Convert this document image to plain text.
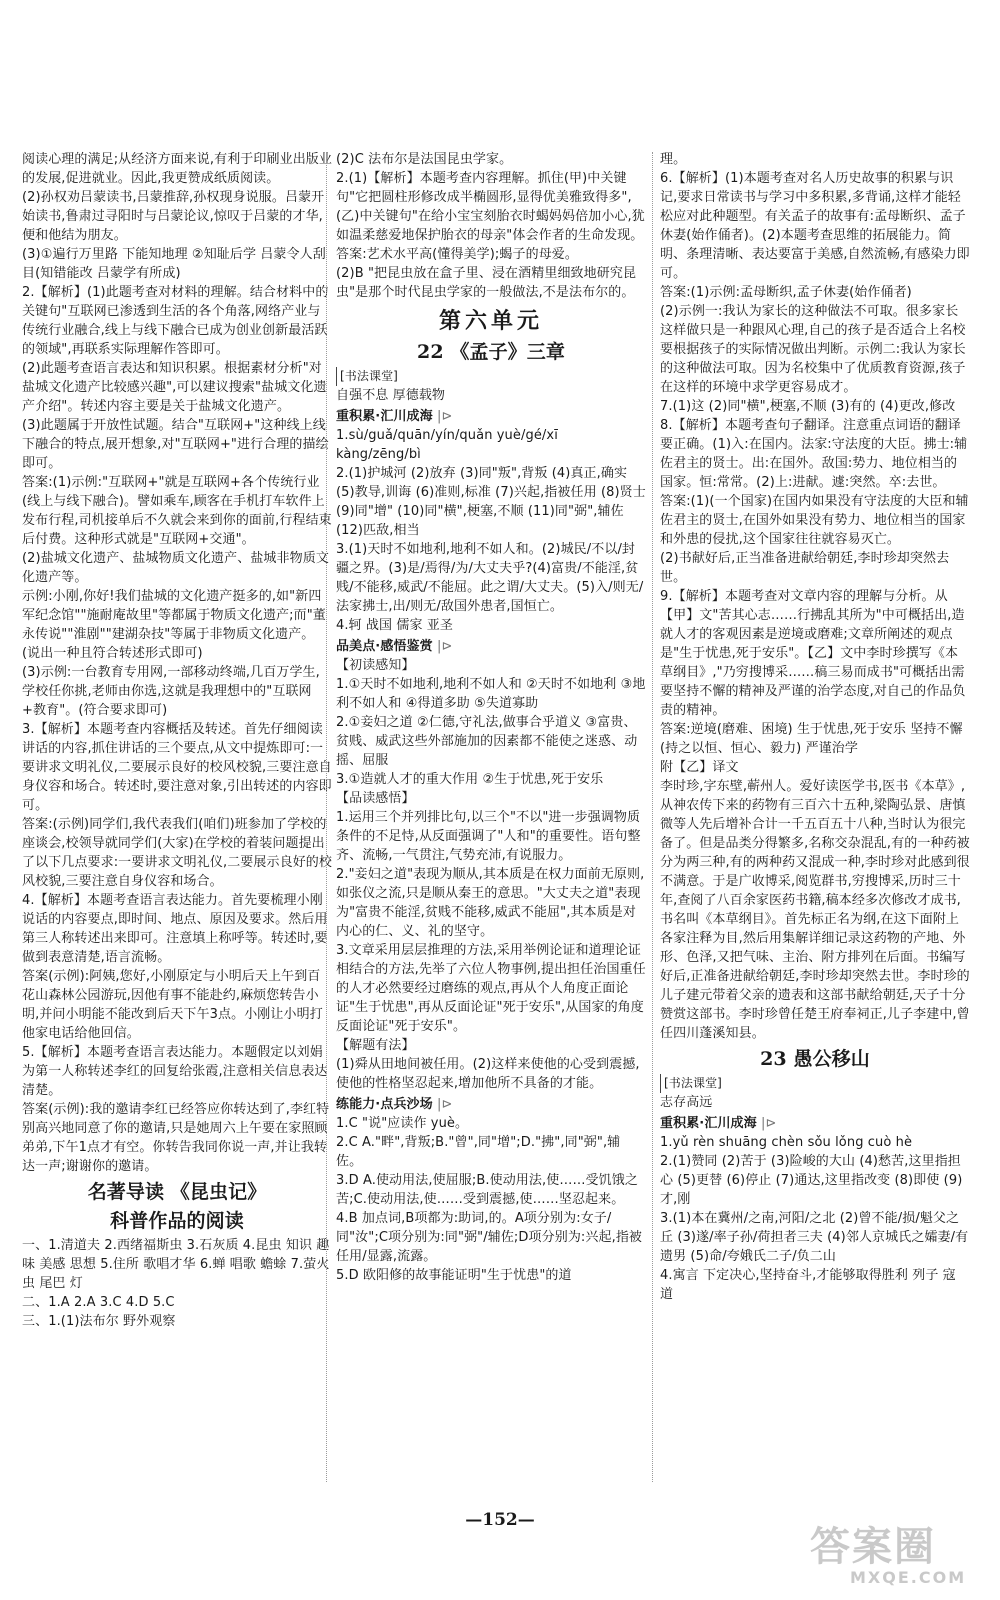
阅读心理的满足;从经济方面来说,有利于印刷业出版业的发展,促进就业。因此,我更赞成纸质阅读。

(2)孙权劝吕蒙读书,吕蒙推辞,孙权现身说服。吕蒙开始读书,鲁肃过寻阳时与吕蒙论议,惊叹于吕蒙的才华,便和他结为朋友。

(3)①遍行万里路 下能知地理 ②知耻后学 吕蒙令人刮目(知错能改 吕蒙学有所成)

2.【解析】(1)此题考查对材料的理解。结合材料中的关键句"互联网已渗透到生活的各个角落,网络产业与传统行业融合,线上与线下融合已成为创业创新最活跃的领域",再联系实际理解作答即可。

(2)此题考查语言表达和知识积累。根据素材分析"对盐城文化遗产比较感兴趣",可以建议搜索"盐城文化遗产介绍"。转述内容主要是关于盐城文化遗产。

(3)此题属于开放性试题。结合"互联网+"这种线上线下融合的特点,展开想象,对"互联网+"进行合理的描绘即可。

答案:(1)示例:"互联网+"就是互联网+各个传统行业(线上与线下融合)。譬如乘车,顾客在手机打车软件上发布行程,司机接单后不久就会来到你的面前,行程结束后付费。这种形式就是"互联网+交通"。

(2)盐城文化遗产、盐城物质文化遗产、盐城非物质文化遗产等。

示例:小刚,你好!我们盐城的文化遗产挺多的,如"新四军纪念馆""施耐庵故里"等都属于物质文化遗产;而"董永传说""淮剧""建湖杂技"等属于非物质文化遗产。(说出一种且符合转述形式即可)

(3)示例:一台教育专用网,一部移动终端,几百万学生,学校任你挑,老师由你选,这就是我理想中的"互联网+教育"。(符合要求即可)

3.【解析】本题考查内容概括及转述。首先仔细阅读讲话的内容,抓住讲话的三个要点,从文中提炼即可:一要讲求文明礼仪,二要展示良好的校风校貌,三要注意自身仪容和场合。转述时,要注意对象,引出转述的内容即可。

答案:(示例)同学们,我代表我们(咱们)班参加了学校的座谈会,校领导就同学们(大家)在学校的着装问题提出了以下几点要求:一要讲求文明礼仪,二要展示良好的校风校貌,三要注意自身仪容和场合。

4.【解析】本题考查语言表达能力。首先要梳理小刚说话的内容要点,即时间、地点、原因及要求。然后用第三人称转述出来即可。注意填上称呼等。转述时,要做到表意清楚,语言流畅。

答案(示例):阿姨,您好,小刚原定与小明后天上午到百花山森林公园游玩,因他有事不能赴约,麻烦您转告小明,并问小明能不能改到后天下午3点。小刚让小明打他家电话给他回信。

5.【解析】本题考查语言表达能力。本题假定以刘娟为第一人称转述李红的回复给张霞,注意相关信息表达清楚。

答案(示例):我的邀请李红已经答应你转达到了,李红特别高兴地同意了你的邀请,只是她周六上午要在家照顾弟弟,下午1点才有空。你转告我同你说一声,并让我转达一声;谢谢你的邀请。

名著导读 《昆虫记》

科普作品的阅读

一、1.清道夫 2.西绪福斯虫 3.石灰质 4.昆虫 知识 趣味 美感 思想 5.住所 歌唱才华 6.蝉 唱歌 蟾蜍 7.萤火虫 尾巴 灯

二、1.A 2.A 3.C 4.D 5.C

三、1.(1)法布尔 野外观察

(2)C 法布尔是法国昆虫学家。

2.(1)【解析】本题考查内容理解。抓住(甲)中关键句"它把圆柱形修改成半椭圆形,显得优美雅致得多",(乙)中关键句"在给小宝宝刻胎衣时蝎妈妈倍加小心,犹如温柔慈爱地保护胎衣的母亲"体会作者的生命发现。

答案:艺术水平高(懂得美学);蝎子的母爱。

(2)B "把昆虫放在盒子里、浸在酒精里细致地研究昆虫"是那个时代昆虫学家的一般做法,不是法布尔的。

第六单元

22 《孟子》三章

[书法课堂]

自强不息 厚德载物

重积累·汇川成海 |⊳

1.sù/guǎ/quān/yín/quǎn yuè/gé/xī kàng/zēng/bì

2.(1)护城河 (2)放弃 (3)同"叛",背叛 (4)真正,确实 (5)教导,训诲 (6)准则,标准 (7)兴起,指被任用 (8)贤士 (9)同"增" (10)同"横",梗塞,不顺 (11)同"弼",辅佐 (12)匹敌,相当

3.(1)天时不如地利,地利不如人和。(2)城民/不以/封疆之界。(3)是/焉得/为/大丈夫乎?(4)富贵/不能淫,贫贱/不能移,威武/不能屈。此之谓/大丈夫。(5)入/则无/法家拂士,出/则无/敌国外患者,国恒亡。

4.轲 战国 儒家 亚圣

品美点·感悟鉴赏 |⊳

【初读感知】

1.①天时不如地利,地利不如人和 ②天时不如地利 ③地利不如人和 ④得道多助 ⑤失道寡助

2.①妾妇之道 ②仁德,守礼法,做事合乎道义 ③富贵、贫贱、威武这些外部施加的因素都不能使之迷惑、动摇、屈服

3.①造就人才的重大作用 ②生于忧患,死于安乐

【品读感悟】

1.运用三个并列排比句,以三个"不以"进一步强调物质条件的不足恃,从反面强调了"人和"的重要性。语句整齐、流畅,一气贯注,气势充沛,有说服力。

2."妾妇之道"表现为顺从,其本质是在权力面前无原则,如张仪之流,只是顺从秦王的意思。"大丈夫之道"表现为"富贵不能淫,贫贱不能移,威武不能屈",其本质是对内心的仁、义、礼的坚守。

3.文章采用层层推理的方法,采用举例论证和道理论证相结合的方法,先举了六位人物事例,提出担任治国重任的人才必然要经过磨练的观点,再从个人角度正面论证"生于忧患",再从反面论证"死于安乐",从国家的角度反面论证"死于安乐"。

【解题有法】

(1)舜从田地间被任用。(2)这样来使他的心受到震撼,使他的性格坚忍起来,增加他所不具备的才能。

练能力·点兵沙场 |⊳

1.C "说"应读作 yuè。

2.C A."畔",背叛;B."曾",同"增";D."拂",同"弼",辅佐。

3.D A.使动用法,使屈服;B.使动用法,使……受饥饿之苦;C.使动用法,使……受到震撼,使……坚忍起来。

4.B 加点词,B项都为:助词,的。A项分别为:女子/同"汝";C项分别为:同"弼"/辅佐;D项分别为:兴起,指被任用/显露,流露。

5.D 欧阳修的故事能证明"生于忧患"的道

理。

6.【解析】(1)本题考查对名人历史故事的积累与识记,要求日常读书与学习中多积累,多背诵,这样才能轻松应对此种题型。有关孟子的故事有:孟母断织、孟子休妻(始作俑者)。(2)本题考查思维的拓展能力。简明、条理清晰、表达要富于美感,自然流畅,有感染力即可。

答案:(1)示例:孟母断织,孟子休妻(始作俑者)

(2)示例一:我认为家长的这种做法不可取。很多家长这样做只是一种跟风心理,自己的孩子是否适合上名校要根据孩子的实际情况做出判断。示例二:我认为家长的这种做法可取。因为名校集中了优质教育资源,孩子在这样的环境中求学更容易成才。

7.(1)这 (2)同"横",梗塞,不顺 (3)有的 (4)更改,修改

8.【解析】本题考查句子翻译。注意重点词语的翻译要正确。(1)入:在国内。法家:守法度的大臣。拂士:辅佐君主的贤士。出:在国外。敌国:势力、地位相当的国家。恒:常常。(2)上:进献。遽:突然。卒:去世。

答案:(1)(一个国家)在国内如果没有守法度的大臣和辅佐君主的贤士,在国外如果没有势力、地位相当的国家和外患的侵扰,这个国家往往就容易灭亡。

(2)书献好后,正当准备进献给朝廷,李时珍却突然去世。

9.【解析】本题考查对文章内容的理解与分析。从【甲】文"苦其心志……行拂乱其所为"中可概括出,造就人才的客观因素是逆境或磨难;文章所阐述的观点是"生于忧患,死于安乐"。【乙】文中李时珍撰写《本草纲目》,"乃穷搜博采……稿三易而成书"可概括出需要坚持不懈的精神及严谨的治学态度,对自己的作品负责的精神。

答案:逆境(磨难、困境) 生于忧患,死于安乐 坚持不懈(持之以恒、恒心、毅力) 严谨治学

附【乙】译文

李时珍,字东壁,蕲州人。爱好读医学书,医书《本草》,从神农传下来的药物有三百六十五种,梁陶弘景、唐慎微等人先后增补合计一千五百五十八种,当时认为很完备了。但是品类分得繁多,名称交杂混乱,有的一种药被分为两三种,有的两种药又混成一种,李时珍对此感到很不满意。于是广收博采,阅览群书,穷搜博采,历时三十年,查阅了八百余家医药书籍,稿本经多次修改才成书,书名叫《本草纲目》。首先标正名为纲,在这下面附上各家注释为目,然后用集解详细记录这药物的产地、外形、色泽,又把气味、主治、附方排列在后面。书编写好后,正准备进献给朝廷,李时珍却突然去世。李时珍的儿子建元带着父亲的遗表和这部书献给朝廷,天子十分赞赏这部书。李时珍曾任楚王府奉祠正,儿子李建中,曾任四川蓬溪知县。

23 愚公移山

[书法课堂]

志存高远

重积累·汇川成海 |⊳

1.yǔ rèn shuāng chèn sǒu lǒng cuò hè

2.(1)赞同 (2)苦于 (3)险峻的大山 (4)愁苦,这里指担心 (5)更替 (6)停止 (7)通达,这里指改变 (8)即使 (9)才,刚

3.(1)本在冀州/之南,河阳/之北 (2)曾不能/损/魁父之丘 (3)遂/率子孙/荷担者三夫 (4)邻人京城氏之孀妻/有遗男 (5)命/夸娥氏二子/负二山

4.寓言 下定决心,坚持奋斗,才能够取得胜利 列子 寇 道

—152—
答案圈
MXQE.COM
